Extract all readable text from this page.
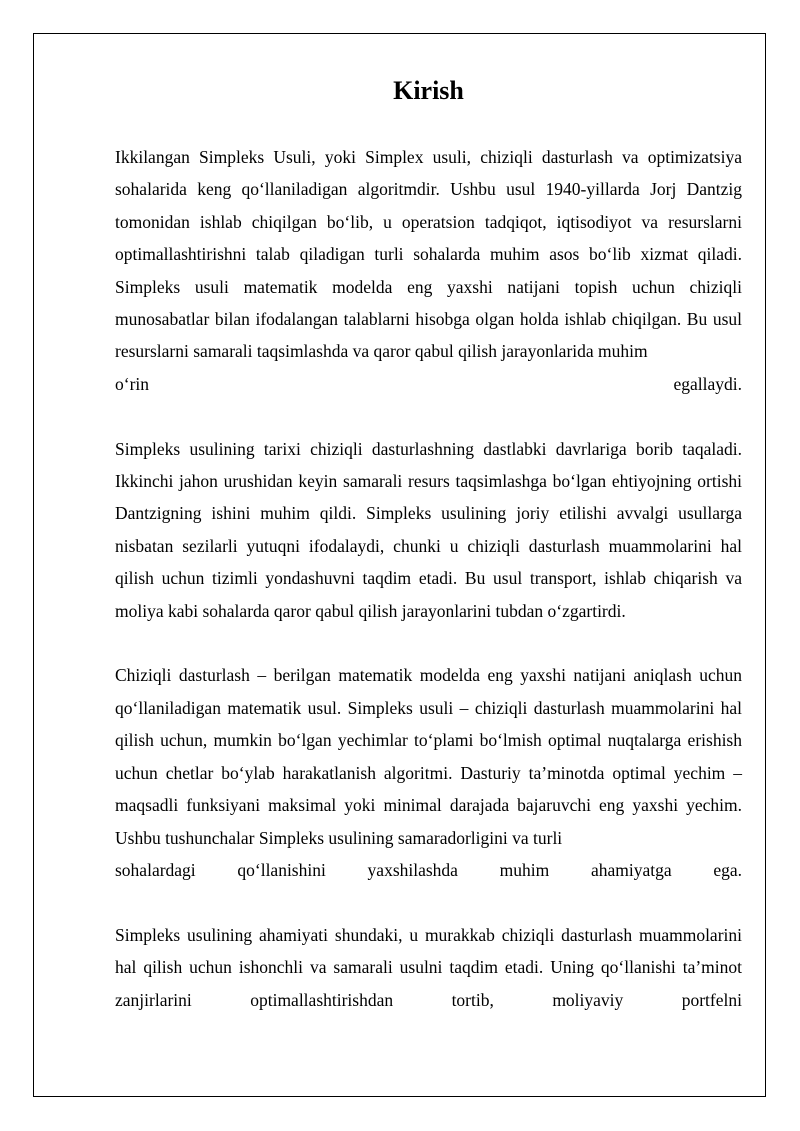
Kirish

Ikkilangan Simpleks Usuli, yoki Simplex usuli, chiziqli dasturlash va optimizatsiya sohalarida keng qo‘llaniladigan algoritmdir. Ushbu usul 1940-yillarda Jorj Dantzig tomonidan ishlab chiqilgan bo‘lib, u operatsion tadqiqot, iqtisodiyot va resurslarni optimallashtirishni talab qiladigan turli sohalarda muhim asos bo‘lib xizmat qiladi. Simpleks usuli matematik modelda eng yaxshi natijani topish uchun chiziqli munosabatlar bilan ifodalangan talablarni hisobga olgan holda ishlab chiqilgan. Bu usul resurslarni samarali taqsimlashda va qaror qabul qilish jarayonlarida muhim

o‘rin egallaydi.

Simpleks usulining tarixi chiziqli dasturlashning dastlabki davrlariga borib taqaladi. Ikkinchi jahon urushidan keyin samarali resurs taqsimlashga bo‘lgan ehtiyojning ortishi Dantzigning ishini muhim qildi. Simpleks usulining joriy etilishi avvalgi usullarga nisbatan sezilarli yutuqni ifodalaydi, chunki u chiziqli dasturlash muammolarini hal qilish uchun tizimli yondashuvni taqdim etadi. Bu usul transport, ishlab chiqarish va moliya kabi sohalarda qaror qabul qilish jarayonlarini tubdan o‘zgartirdi.

Chiziqli dasturlash – berilgan matematik modelda eng yaxshi natijani aniqlash uchun qo‘llaniladigan matematik usul. Simpleks usuli – chiziqli dasturlash muammolarini hal qilish uchun, mumkin bo‘lgan yechimlar to‘plami bo‘lmish optimal nuqtalarga erishish uchun chetlar bo‘ylab harakatlanish algoritmi. Dasturiy ta’minotda optimal yechim – maqsadli funksiyani maksimal yoki minimal darajada bajaruvchi eng yaxshi yechim. Ushbu tushunchalar Simpleks usulining samaradorligini va turli

sohalardagi qo‘llanishini yaxshilashda muhim ahamiyatga ega.

Simpleks usulining ahamiyati shundaki, u murakkab chiziqli dasturlash muammolarini hal qilish uchun ishonchli va samarali usulni taqdim etadi. Uning qo‘llanishi ta’minot zanjirlarini optimallashtirishdan tortib, moliyaviy portfelni
